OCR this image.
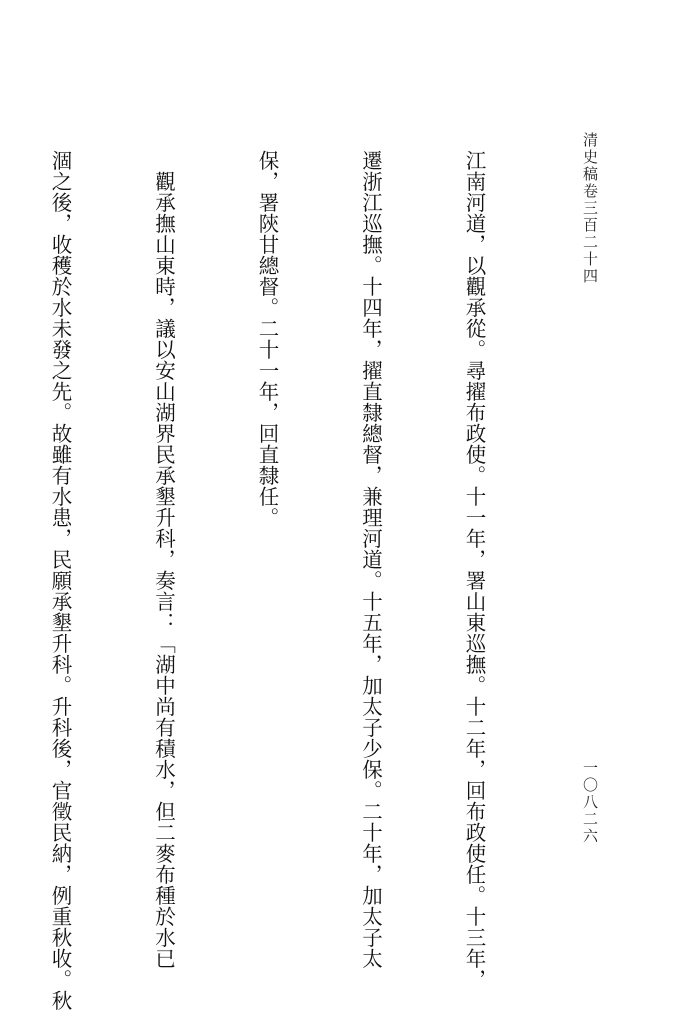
清史稿卷三百二十四
一〇八二六

江南河道，以觀承從。尋擢布政使。十一年，署山東巡撫。十二年，回布政使任。十三年，

遷浙江巡撫。十四年，擢直隸總督，兼理河道。十五年，加太子少保。二十年，加太子太

保，署陝甘總督。二十一年，回直隸任。

　觀承撫山東時，議以安山湖界民承墾升科，奏言：「湖中尚有積水，但二麥布種於水已

涸之後，收穫於水未發之先。故雖有水患，民願承墾升科。升科後，官徵民納，例重秋收。秋
